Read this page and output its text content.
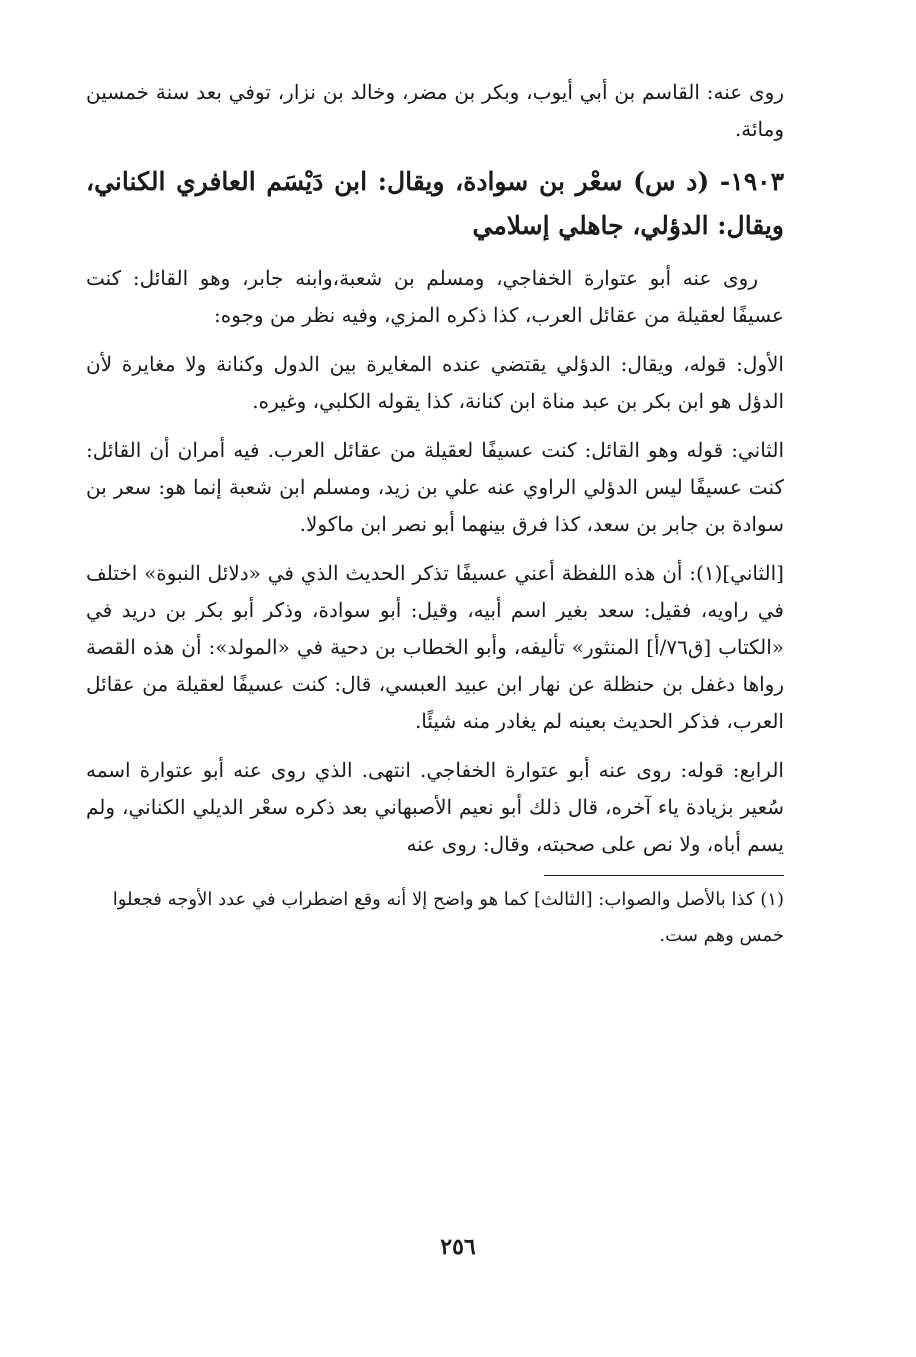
روى عنه: القاسم بن أبي أيوب، وبكر بن مضر، وخالد بن نزار، توفي بعد سنة خمسين ومائة.

١٩٠٣- (د س) سعْر بن سوادة، ويقال: ابن دَيْسَم العافري الكناني، ويقال: الدؤلي، جاهلي إسلامي

روى عنه أبو عتوارة الخفاجي، ومسلم بن شعبة،وابنه جابر، وهو القائل: كنت عسيفًا لعقيلة من عقائل العرب، كذا ذكره المزي، وفيه نظر من وجوه:

الأول: قوله، ويقال: الدؤلي يقتضي عنده المغايرة بين الدول وكنانة ولا مغايرة لأن الدؤل هو ابن بكر بن عبد مناة ابن كنانة، كذا يقوله الكلبي، وغيره.

الثاني: قوله وهو القائل: كنت عسيفًا لعقيلة من عقائل العرب. فيه أمران أن القائل: كنت عسيفًا ليس الدؤلي الراوي عنه علي بن زيد، ومسلم ابن شعبة إنما هو: سعر بن سوادة بن جابر بن سعد، كذا فرق بينهما أبو نصر ابن ماكولا.

[الثاني](١): أن هذه اللفظة أعني عسيفًا تذكر الحديث الذي في «دلائل النبوة» اختلف في راويه، فقيل: سعد بغير اسم أبيه، وقيل: أبو سوادة، وذكر أبو بكر بن دريد في «الكتاب [ق٧٦/أ] المنثور» تأليفه، وأبو الخطاب بن دحية في «المولد»: أن هذه القصة رواها دغفل بن حنظلة عن نهار ابن عبيد العبسي، قال: كنت عسيفًا لعقيلة من عقائل العرب، فذكر الحديث بعينه لم يغادر منه شيئًا.

الرابع: قوله: روى عنه أبو عتوارة الخفاجي. انتهى. الذي روى عنه أبو عتوارة اسمه سُعير بزيادة ياء آخره، قال ذلك أبو نعيم الأصبهاني بعد ذكره سعْر الديلي الكناني، ولم يسم أباه، ولا نص على صحبته، وقال: روى عنه

(١) كذا بالأصل والصواب: [الثالث] كما هو واضح إلا أنه وقع اضطراب في عدد الأوجه فجعلوا خمس وهم ست.

٢٥٦
